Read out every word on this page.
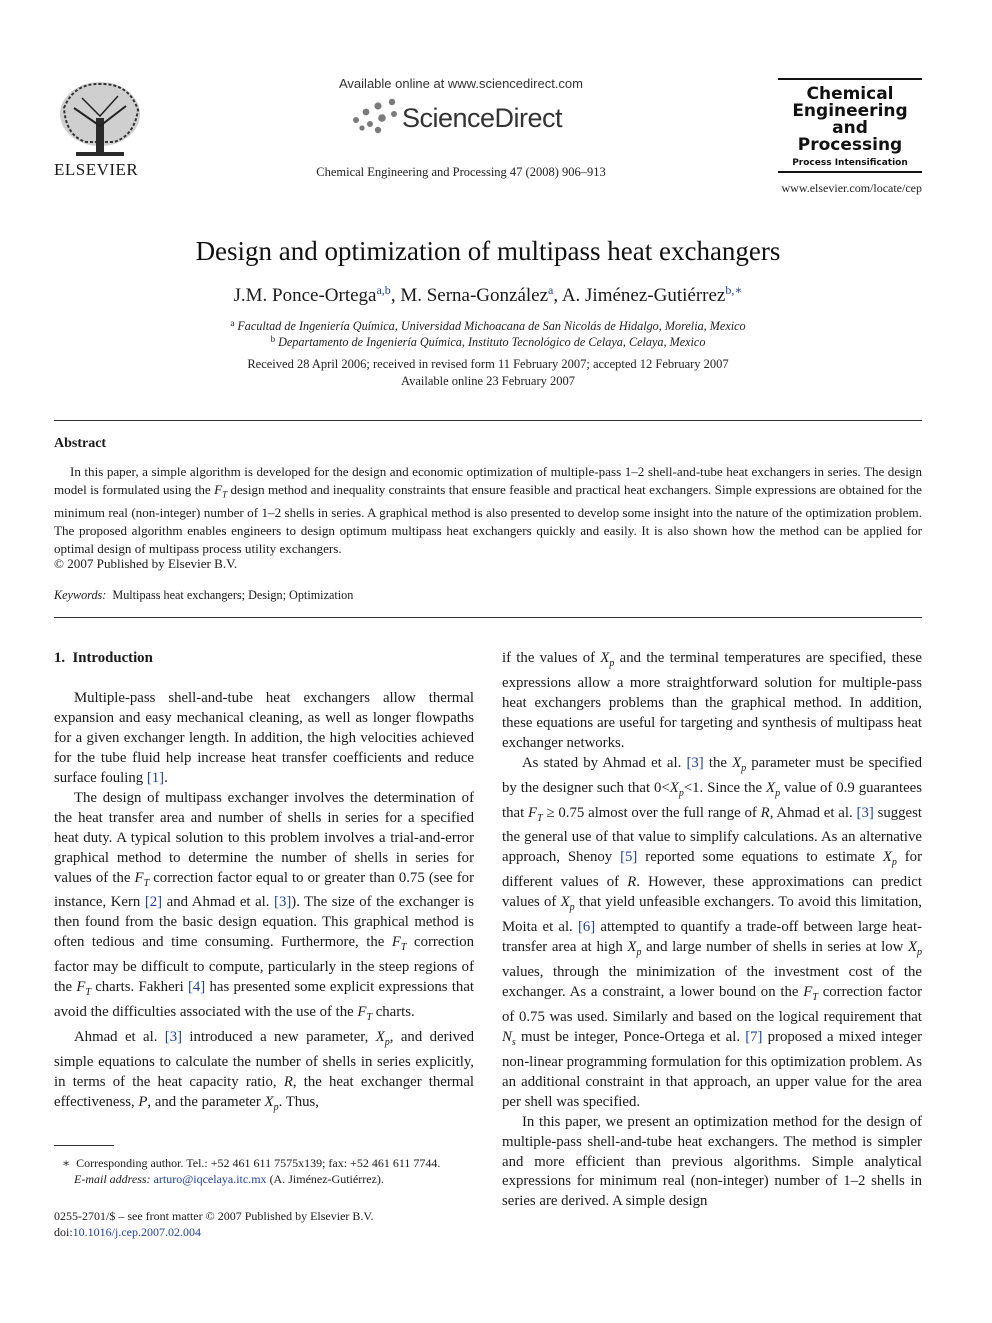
ELSEVIER
Available online at www.sciencedirect.com
ScienceDirect
Chemical Engineering and Processing 47 (2008) 906–913
Chemical
Engineering
and
Processing
Process Intensification
www.elsevier.com/locate/cep
Design and optimization of multipass heat exchangers
J.M. Ponce-Ortega$^{a,b}$, M. Serna-González$^a$, A. Jiménez-Gutiérrez$^{b,∗}$
$^a$ Facultad de Ingeniería Química, Universidad Michoacana de San Nicolás de Hidalgo, Morelia, Mexico
$^b$ Departamento de Ingeniería Química, Instituto Tecnológico de Celaya, Celaya, Mexico
Received 28 April 2006; received in revised form 11 February 2007; accepted 12 February 2007
Available online 23 February 2007
Abstract

In this paper, a simple algorithm is developed for the design and economic optimization of multiple-pass 1–2 shell-and-tube heat exchangers in series. The design model is formulated using the $F_T$ design method and inequality constraints that ensure feasible and practical heat exchangers. Simple expressions are obtained for the minimum real (non-integer) number of 1–2 shells in series. A graphical method is also presented to develop some insight into the nature of the optimization problem. The proposed algorithm enables engineers to design optimum multipass heat exchangers quickly and easily. It is also shown how the method can be applied for optimal design of multipass process utility exchangers.

© 2007 Published by Elsevier B.V.
Keywords: Multipass heat exchangers; Design; Optimization
1.  Introduction

Multiple-pass shell-and-tube heat exchangers allow thermal expansion and easy mechanical cleaning, as well as longer flowpaths for a given exchanger length. In addition, the high velocities achieved for the tube fluid help increase heat transfer coefficients and reduce surface fouling [1].

The design of multipass exchanger involves the determination of the heat transfer area and number of shells in series for a specified heat duty. A typical solution to this problem involves a trial-and-error graphical method to determine the number of shells in series for values of the $F_T$ correction factor equal to or greater than 0.75 (see for instance, Kern [2] and Ahmad et al. [3]). The size of the exchanger is then found from the basic design equation. This graphical method is often tedious and time consuming. Furthermore, the $F_T$ correction factor may be difficult to compute, particularly in the steep regions of the $F_T$ charts. Fakheri [4] has presented some explicit expressions that avoid the difficulties associated with the use of the $F_T$ charts.

Ahmad et al. [3] introduced a new parameter, $X_p$, and derived simple equations to calculate the number of shells in series explicitly, in terms of the heat capacity ratio, R, the heat exchanger thermal effectiveness, P, and the parameter $X_p$. Thus,

if the values of $X_p$ and the terminal temperatures are specified, these expressions allow a more straightforward solution for multiple-pass heat exchangers problems than the graphical method. In addition, these equations are useful for targeting and synthesis of multipass heat exchanger networks.

As stated by Ahmad et al. [3] the $X_p$ parameter must be specified by the designer such that $0<X_p<1$. Since the $X_p$ value of 0.9 guarantees that $F_T \ge 0.75$ almost over the full range of R, Ahmad et al. [3] suggest the general use of that value to simplify calculations. As an alternative approach, Shenoy [5] reported some equations to estimate $X_p$ for different values of R. However, these approximations can predict values of $X_p$ that yield unfeasible exchangers. To avoid this limitation, Moita et al. [6] attempted to quantify a trade-off between large heat-transfer area at high $X_p$ and large number of shells in series at low $X_p$ values, through the minimization of the investment cost of the exchanger. As a constraint, a lower bound on the $F_T$ correction factor of 0.75 was used. Similarly and based on the logical requirement that $N_s$ must be integer, Ponce-Ortega et al. [7] proposed a mixed integer non-linear programming formulation for this optimization problem. As an additional constraint in that approach, an upper value for the area per shell was specified.

In this paper, we present an optimization method for the design of multiple-pass shell-and-tube heat exchangers. The method is simpler and more efficient than previous algorithms. Simple analytical expressions for minimum real (non-integer) number of 1–2 shells in series are derived. A simple design

∗ Corresponding author. Tel.: +52 461 611 7575x139; fax: +52 461 611 7744.
E-mail address: arturo@iqcelaya.itc.mx (A. Jiménez-Gutiérrez).
0255-2701/$ – see front matter © 2007 Published by Elsevier B.V.
doi:10.1016/j.cep.2007.02.004
